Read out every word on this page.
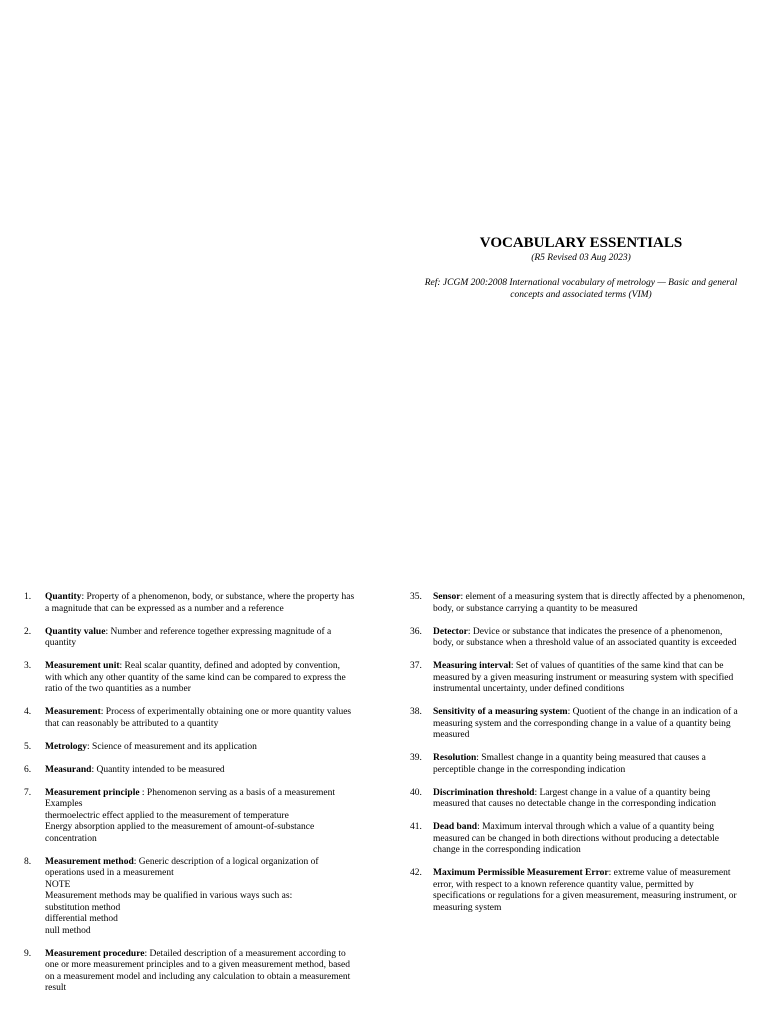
VOCABULARY ESSENTIALS
(R5 Revised 03 Aug 2023)
Ref: JCGM 200:2008 International vocabulary of metrology — Basic and general concepts and associated terms (VIM)
1.	Quantity: Property of a phenomenon, body, or substance, where the property has a magnitude that can be expressed as a number and a reference
2.	Quantity value: Number and reference together expressing magnitude of a quantity
3.	Measurement unit: Real scalar quantity, defined and adopted by convention, with which any other quantity of the same kind can be compared to express the ratio of the two quantities as a number
4.	Measurement: Process of experimentally obtaining one or more quantity values that can reasonably be attributed to a quantity
5.	Metrology: Science of measurement and its application
6.	Measurand: Quantity intended to be measured
7.	Measurement principle : Phenomenon serving as a basis of a measurement
Examples
thermoelectric effect applied to the measurement of temperature
Energy absorption applied to the measurement of amount-of-substance concentration
8.	Measurement method: Generic description of a logical organization of operations used in a measurement
NOTE
Measurement methods may be qualified in various ways such as:
substitution method
differential method
null method
9.	Measurement procedure: Detailed description of a measurement according to one or more measurement principles and to a given measurement method, based on a measurement model and including any calculation to obtain a measurement result
35.	Sensor: element of a measuring system that is directly affected by a phenomenon, body, or substance carrying a quantity to be measured
36.	Detector: Device or substance that indicates the presence of a phenomenon, body, or substance when a threshold value of an associated quantity is exceeded
37.	Measuring interval: Set of values of quantities of the same kind that can be measured by a given measuring instrument or measuring system with specified instrumental uncertainty, under defined conditions
38.	Sensitivity of a measuring system: Quotient of the change in an indication of a measuring system and the corresponding change in a value of a quantity being measured
39.	Resolution: Smallest change in a quantity being measured that causes a perceptible change in the corresponding indication
40.	Discrimination threshold: Largest change in a value of a quantity being measured that causes no detectable change in the corresponding indication
41.	Dead band: Maximum interval through which a value of a quantity being measured can be changed in both directions without producing a detectable change in the corresponding indication
42.	Maximum Permissible Measurement Error: extreme value of measurement error, with respect to a known reference quantity value, permitted by specifications or regulations for a given measurement, measuring instrument, or measuring system
